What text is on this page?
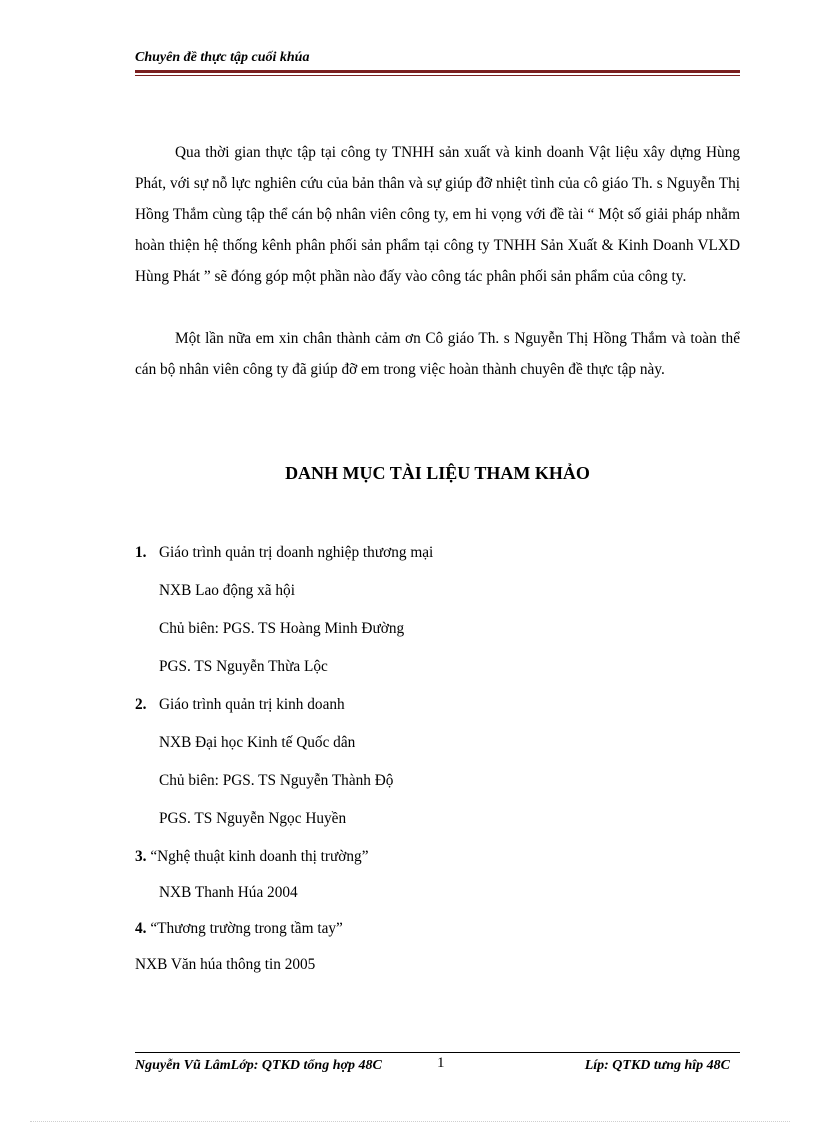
Chuyên đề thực tập cuối khúa

Qua thời gian thực tập tại công ty TNHH sản xuất và kinh doanh Vật liệu xây dựng Hùng Phát, với sự nỗ lực nghiên cứu của bản thân và sự giúp đỡ nhiệt tình của cô giáo Th. s Nguyễn Thị Hồng Thắm cùng tập thể cán bộ nhân viên công ty, em hi vọng với đề tài “ Một số giải pháp nhằm hoàn thiện hệ thống kênh phân phối sản phẩm tại công ty TNHH Sản Xuất & Kinh Doanh VLXD Hùng Phát ” sẽ đóng góp một phần nào đấy vào công tác phân phối sản phẩm của công ty.

Một lần nữa em xin chân thành cảm ơn Cô giáo Th. s Nguyễn Thị Hồng Thắm và toàn thể cán bộ nhân viên công ty đã giúp đỡ em trong việc hoàn thành chuyên đề thực tập này.

DANH MỤC TÀI LIỆU THAM KHẢO
1. Giáo trình quản trị doanh nghiệp thương mại
NXB Lao động xã hội
Chủ biên: PGS. TS Hoàng Minh Đường
PGS. TS Nguyễn Thừa Lộc
2. Giáo trình quản trị kinh doanh
NXB Đại học Kinh tế Quốc dân
Chủ biên: PGS. TS Nguyễn Thành Độ
PGS. TS Nguyễn Ngọc Huyền
3. “Nghệ thuật kinh doanh thị trường”
NXB Thanh Húa 2004
4. “Thương trường trong tầm tay”
NXB Văn húa thông tin 2005
Nguyễn Vũ LâmLớp: QTKD tổng hợp 48C	1	Líp: QTKD tưng hîp 48C
